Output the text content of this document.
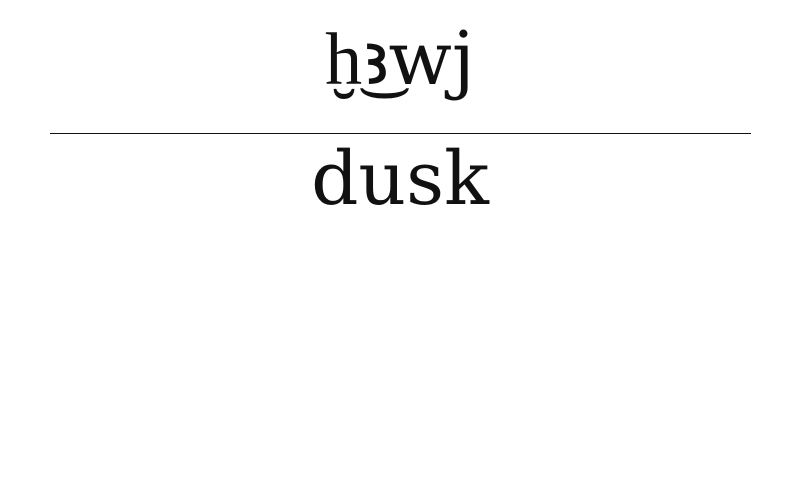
ḫ͜ꜣwj
dusk
